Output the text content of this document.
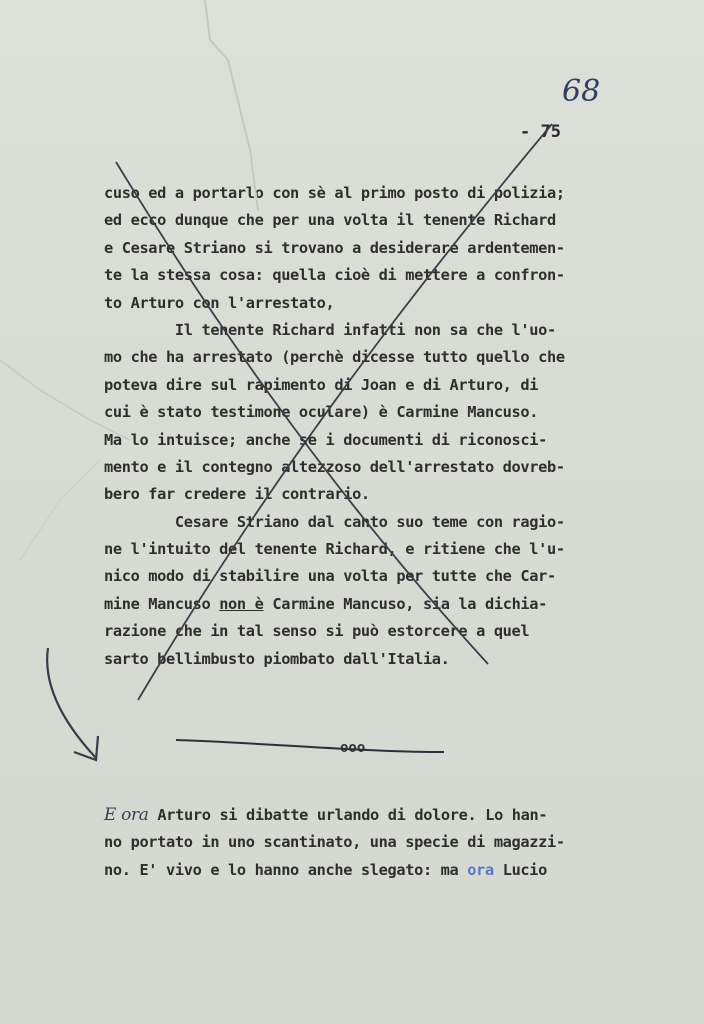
68
- 75
cuso ed a portarlo con sè al primo posto di polizia;
ed ecco dunque che per una volta il tenente Richard
e Cesare Striano si trovano a desiderare ardentemen-
te la stessa cosa: quella cioè di mettere a confron-
to Arturo con l'arrestato,
Il tenente Richard infatti non sa che l'uo-
mo che ha arrestato (perchè dicesse tutto quello che
poteva dire sul rapimento di Joan e di Arturo, di
cui è stato testimone oculare) è Carmine Mancuso.
Ma lo intuisce; anche se i documenti di riconosci-
mento e il contegno altezzoso dell'arrestato dovreb-
bero far credere il contrario.
Cesare Striano dal canto suo teme con ragio-
ne l'intuito del tenente Richard, e ritiene che l'u-
nico modo di stabilire una volta per tutte che Car-
mine Mancuso non è Carmine Mancuso, sia la dichia-
razione che in tal senso si può estorcere a quel
sarto bellimbusto piombato dall'Italia.
ooo
E ora Arturo si dibatte urlando di dolore. Lo han-
no portato in uno scantinato, una specie di magazzi-
no. E' vivo e lo hanno anche slegato: ma ora Lucio
